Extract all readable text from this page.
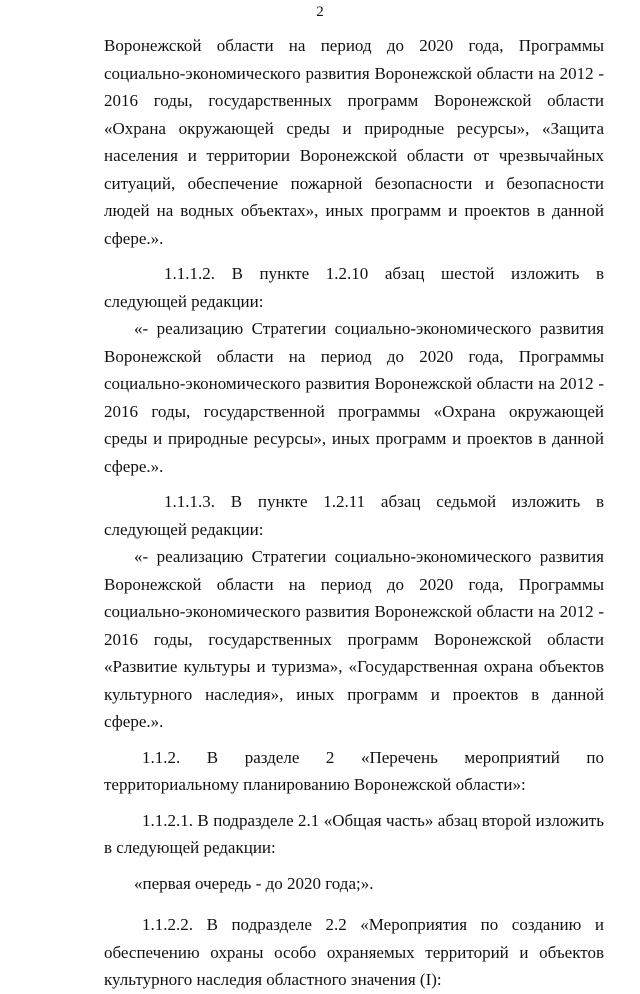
2

Воронежской области на период до 2020 года, Программы социально-экономического развития Воронежской области на 2012 - 2016 годы, государственных программ Воронежской области «Охрана окружающей среды и природные ресурсы», «Защита населения и территории Воронежской области от чрезвычайных ситуаций, обеспечение пожарной безопасности и безопасности людей на водных объектах», иных программ и проектов в данной сфере.».

1.1.1.2. В пункте 1.2.10 абзац шестой изложить в следующей редакции:

«- реализацию Стратегии социально-экономического развития Воронежской области на период до 2020 года, Программы социально-экономического развития Воронежской области на 2012 - 2016 годы, государственной программы «Охрана окружающей среды и природные ресурсы», иных программ и проектов в данной сфере.».

1.1.1.3. В пункте 1.2.11 абзац седьмой изложить в следующей редакции:

«- реализацию Стратегии социально-экономического развития Воронежской области на период до 2020 года, Программы социально-экономического развития Воронежской области на 2012 - 2016 годы, государственных программ Воронежской области «Развитие культуры и туризма», «Государственная охрана объектов культурного наследия», иных программ и проектов в данной сфере.».

1.1.2. В разделе 2 «Перечень мероприятий по территориальному планированию Воронежской области»:

1.1.2.1. В подразделе 2.1 «Общая часть» абзац второй изложить в следующей редакции:

«первая очередь - до 2020 года;».

1.1.2.2. В подразделе 2.2 «Мероприятия по созданию и обеспечению охраны особо охраняемых территорий и объектов культурного наследия областного значения (I):
